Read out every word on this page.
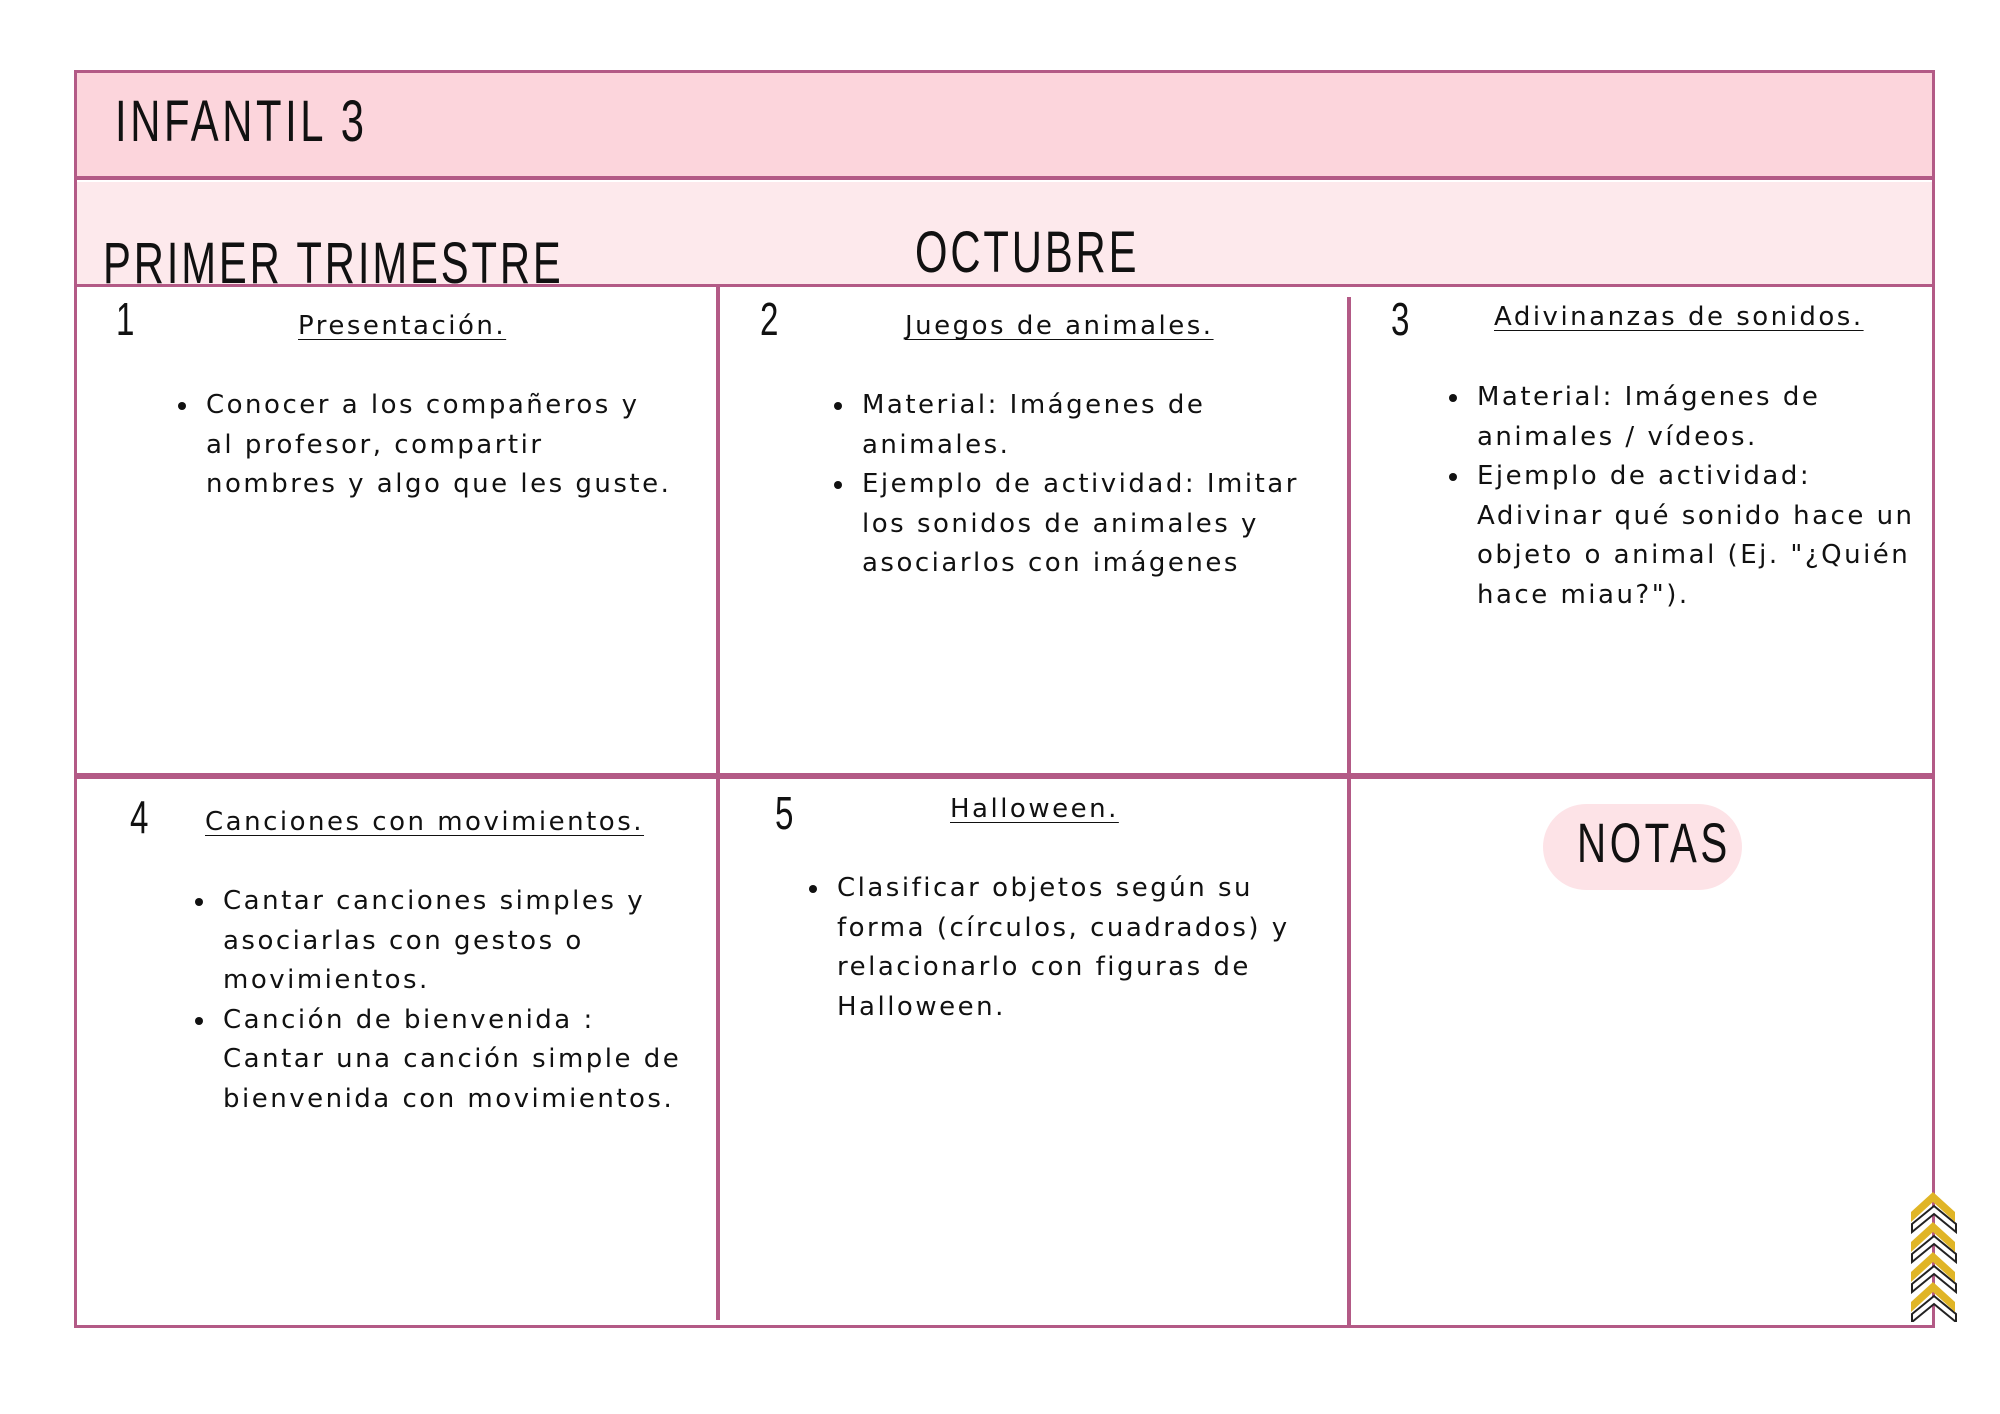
INFANTIL 3
PRIMER TRIMESTRE	OCTUBRE
1	Presentación.
• Conocer a los compañeros y al profesor, compartir nombres y algo que les guste.
2	Juegos de animales.
• Material: Imágenes de animales.
• Ejemplo de actividad: Imitar los sonidos de animales y asociarlos con imágenes
3	Adivinanzas de sonidos.
• Material: Imágenes de animales / vídeos.
• Ejemplo de actividad: Adivinar qué sonido hace un objeto o animal (Ej. "¿Quién hace miau?").
4 Canciones con movimientos.
• Cantar canciones simples y asociarlas con gestos o movimientos.
• Canción de bienvenida : Cantar una canción simple de bienvenida con movimientos.
5	Halloween.
• Clasificar objetos según su forma (círculos, cuadrados) y relacionarlo con figuras de Halloween.
NOTAS
